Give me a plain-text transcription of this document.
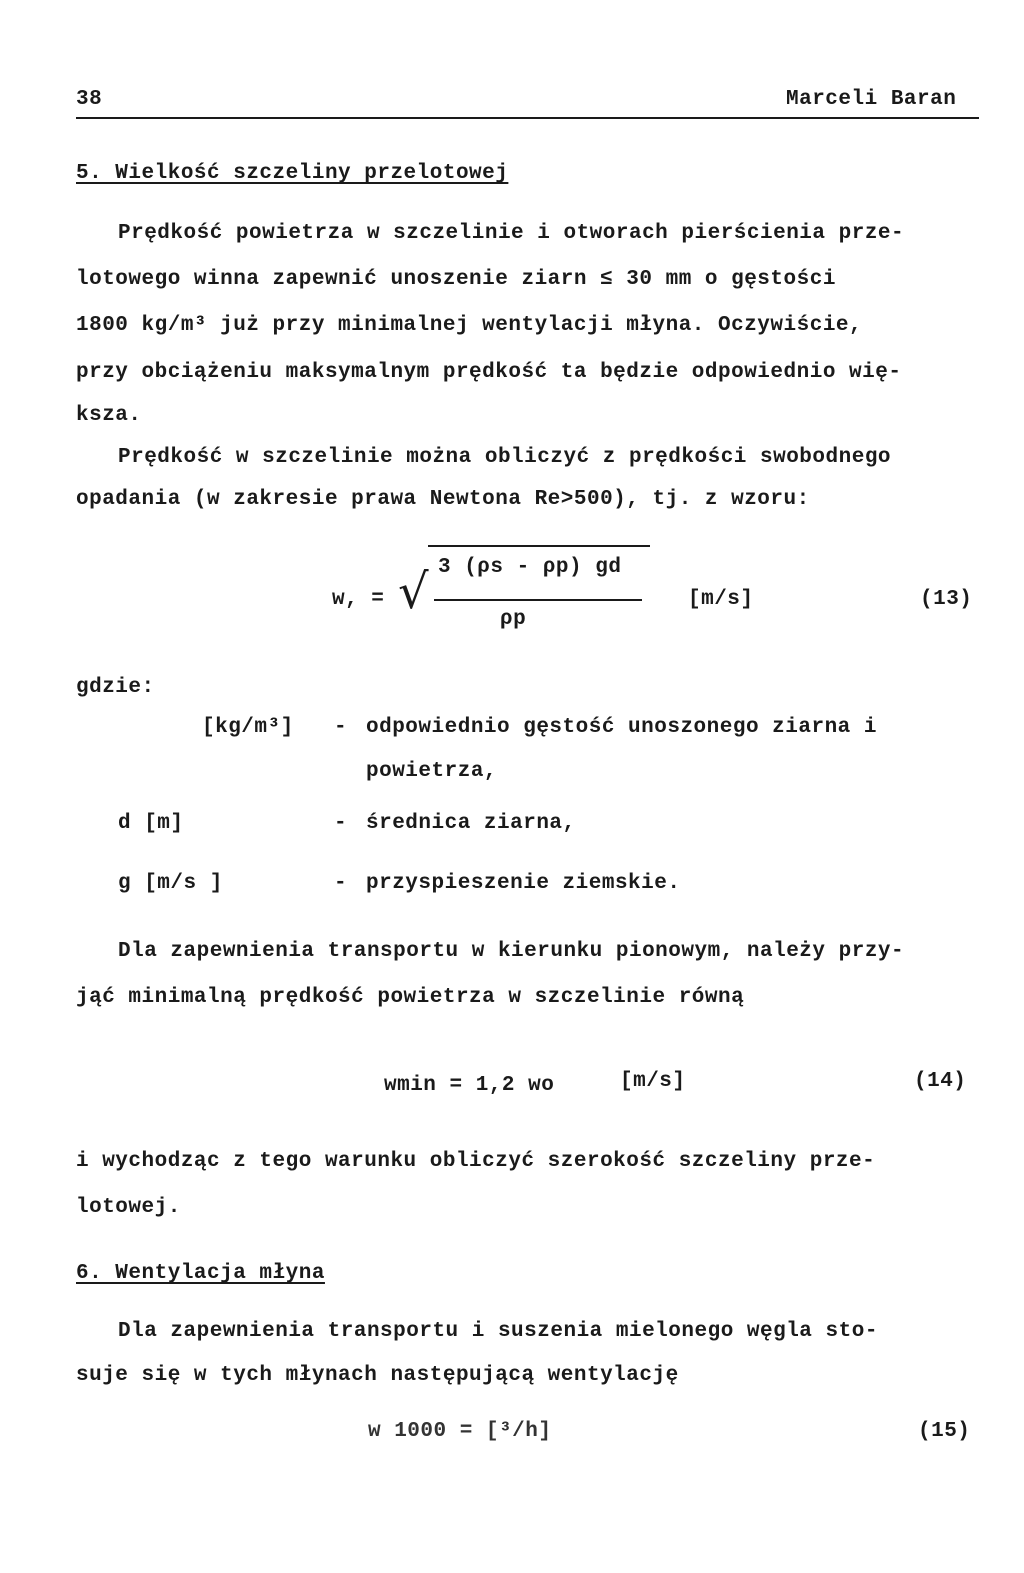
38	Marceli Baran
5. Wielkość szczeliny przelotowej
Prędkość powietrza w szczelinie i otworach pierścienia prze-
lotowego winna zapewnić unoszenie ziarn ≤ 30 mm o gęstości
1800 kg/m³ już przy minimalnej wentylacji młyna. Oczywiście,
przy obciążeniu maksymalnym prędkość ta będzie odpowiednio wię-
ksza.
Prędkość w szczelinie można obliczyć z prędkości swobodnego
opadania (w zakresie prawa Newtona Re>500), tj. z wzoru:
w, = √ 3 (ρs - ρp) gd
ρp
[m/s]	(13)
gdzie:
[kg/m³] - odpowiednio gęstość unoszonego ziarna i
powietrza,
d [m]	- średnica ziarna,
g [m/s ]	- przyspieszenie ziemskie.
Dla zapewnienia transportu w kierunku pionowym, należy przy-
jąć minimalną prędkość powietrza w szczelinie równą
wmin = 1,2 wo	[m/s]	(14)
i wychodząc z tego warunku obliczyć szerokość szczeliny prze-
lotowej.
6. Wentylacja młyna
Dla zapewnienia transportu i suszenia mielonego węgla sto-
suje się w tych młynach następującą wentylację
w 1000 = [³/h]	(15)
